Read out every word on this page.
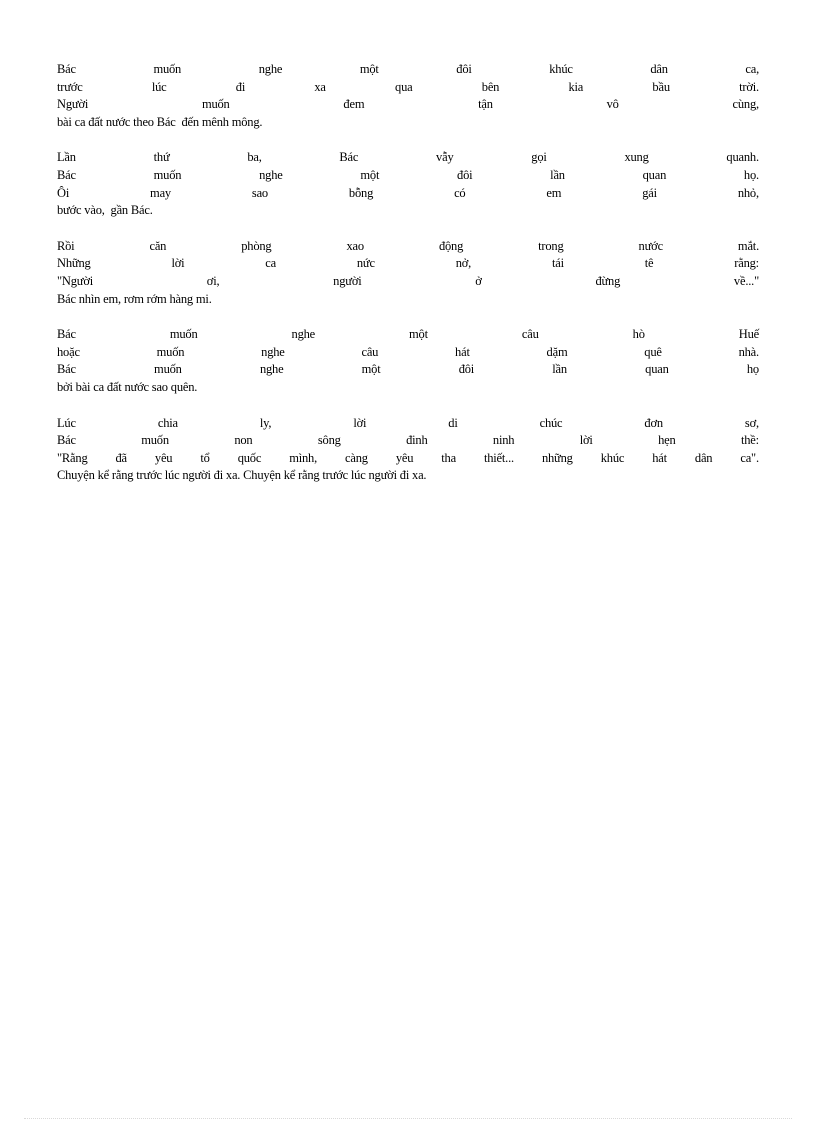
Bác	muốn	nghe	một	đôi	khúc	dân	ca,
trước	lúc	đi	xa	qua	bên	kia	bầu	trời.
Người	muốn	đem	tận	vô	cùng,
bài ca đất nước theo Bác  đến mênh mông.
Lần	thứ	ba,	Bác	vẫy	gọi	xung	quanh.
Bác	muốn	nghe	một	đôi	lần	quan	họ.
Ôi	may	sao	bỗng	có	em	gái	nhỏ,
bước vào,  gần Bác.
Rồi	căn	phòng	xao	động	trong	nước	mắt.
Những	lời	ca	nức	nở,	tái	tê	rằng:
"Người	ơi,	người	ở	đừng	về..."
Bác nhìn em, rơm rớm hàng mi.
Bác	muốn	nghe	một	câu	hò	Huế
hoặc	muốn	nghe	câu	hát	dặm	quê	nhà.
Bác	muốn	nghe	một	đôi	lần	quan	họ
bởi bài ca đất nước sao quên.
Lúc	chia	ly,	lời	di	chúc	đơn	sơ,
Bác	muốn	non	sông	đinh	ninh	lời	hẹn	thề:
"Rằng đã yêu tổ quốc mình, càng yêu tha thiết... những khúc hát dân ca".
Chuyện kể rằng trước lúc người đi xa. Chuyện kể rằng trước lúc người đi xa.
